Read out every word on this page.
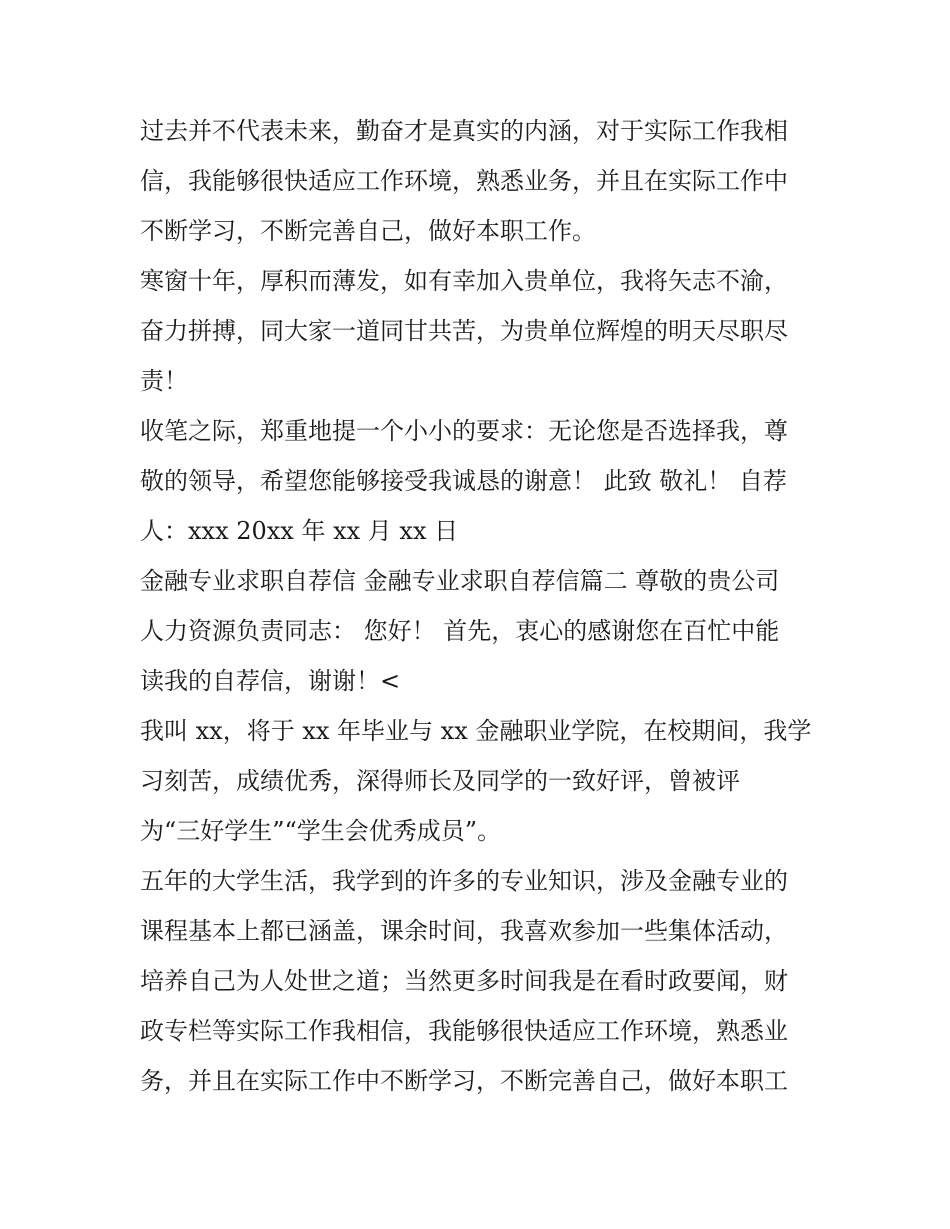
过去并不代表未来，勤奋才是真实的内涵，对于实际工作我相
信，我能够很快适应工作环境，熟悉业务，并且在实际工作中
不断学习，不断完善自己，做好本职工作。
寒窗十年，厚积而薄发，如有幸加入贵单位，我将矢志不渝，
奋力拼搏，同大家一道同甘共苦，为贵单位辉煌的明天尽职尽
责！
收笔之际，郑重地提一个小小的要求：无论您是否选择我，尊
敬的领导，希望您能够接受我诚恳的谢意！ 此致 敬礼！ 自荐
人：xxx 20xx 年 xx 月 xx 日
金融专业求职自荐信 金融专业求职自荐信篇二 尊敬的贵公司
人力资源负责同志： 您好！ 首先，衷心的感谢您在百忙中能
读我的自荐信，谢谢！<
我叫 xx，将于 xx 年毕业与 xx 金融职业学院，在校期间，我学
习刻苦，成绩优秀，深得师长及同学的一致好评，曾被评
为“三好学生”“学生会优秀成员”。
五年的大学生活，我学到的许多的专业知识，涉及金融专业的
课程基本上都已涵盖，课余时间，我喜欢参加一些集体活动，
培养自己为人处世之道；当然更多时间我是在看时政要闻，财
政专栏等实际工作我相信，我能够很快适应工作环境，熟悉业
务，并且在实际工作中不断学习，不断完善自己，做好本职工
